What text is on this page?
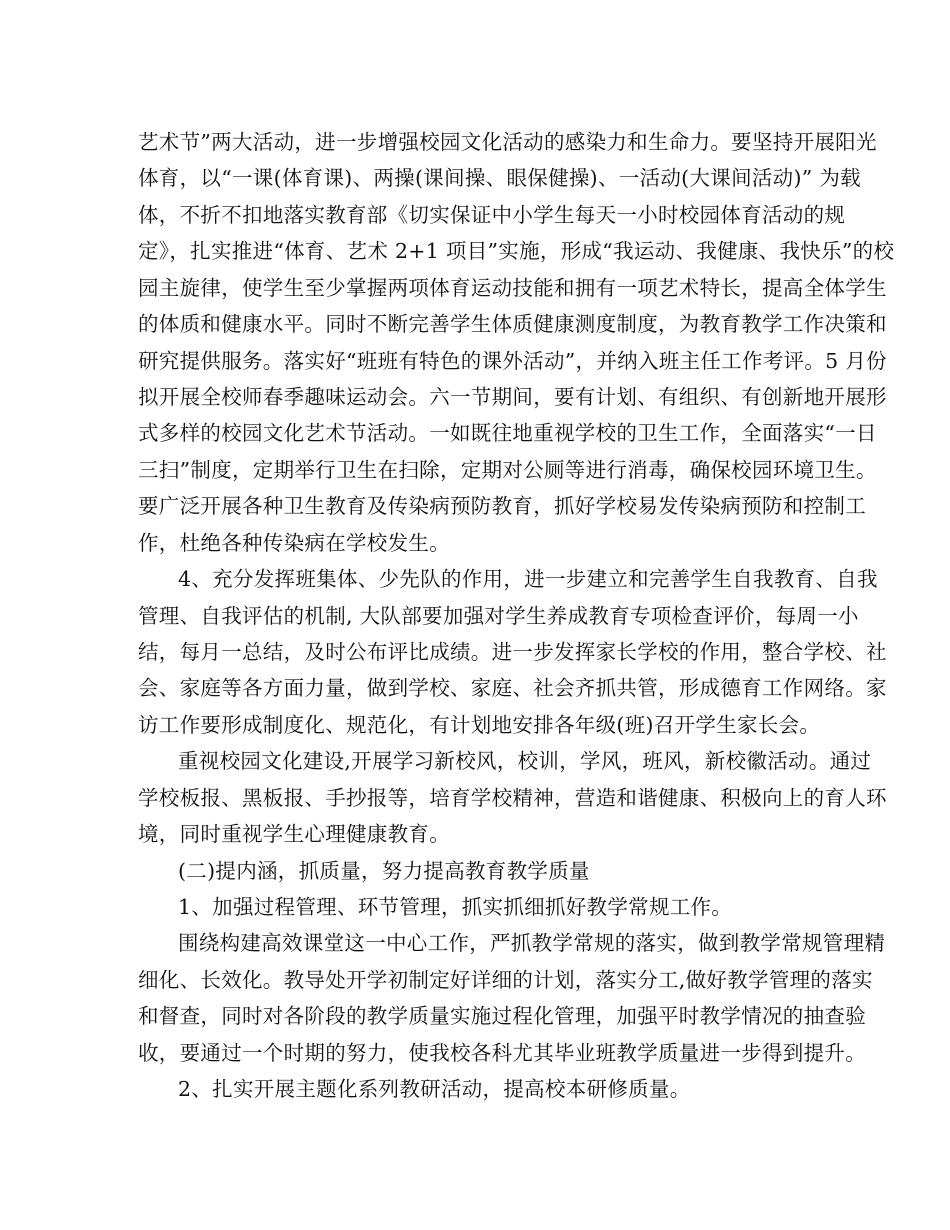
艺术节”两大活动，进一步增强校园文化活动的感染力和生命力。要坚持开展阳光
体育，以“一课(体育课)、两操(课间操、眼保健操)、一活动(大课间活动)” 为载
体，不折不扣地落实教育部《切实保证中小学生每天一小时校园体育活动的规
定》，扎实推进“体育、艺术 2+1 项目”实施，形成“我运动、我健康、我快乐”的校
园主旋律，使学生至少掌握两项体育运动技能和拥有一项艺术特长，提高全体学生
的体质和健康水平。同时不断完善学生体质健康测度制度，为教育教学工作决策和
研究提供服务。落实好“班班有特色的课外活动”，并纳入班主任工作考评。5 月份
拟开展全校师春季趣味运动会。六一节期间，要有计划、有组织、有创新地开展形
式多样的校园文化艺术节活动。一如既往地重视学校的卫生工作，全面落实“一日
三扫”制度，定期举行卫生在扫除，定期对公厕等进行消毒，确保校园环境卫生。
要广泛开展各种卫生教育及传染病预防教育，抓好学校易发传染病预防和控制工
作，杜绝各种传染病在学校发生。
4、充分发挥班集体、少先队的作用，进一步建立和完善学生自我教育、自我
管理、自我评估的机制, 大队部要加强对学生养成教育专项检查评价，每周一小
结，每月一总结，及时公布评比成绩。进一步发挥家长学校的作用，整合学校、社
会、家庭等各方面力量，做到学校、家庭、社会齐抓共管，形成德育工作网络。家
访工作要形成制度化、规范化，有计划地安排各年级(班)召开学生家长会。
重视校园文化建设,开展学习新校风，校训，学风，班风，新校徽活动。通过
学校板报、黑板报、手抄报等，培育学校精神，营造和谐健康、积极向上的育人环
境，同时重视学生心理健康教育。
(二)提内涵，抓质量，努力提高教育教学质量
1、加强过程管理、环节管理，抓实抓细抓好教学常规工作。
围绕构建高效课堂这一中心工作，严抓教学常规的落实，做到教学常规管理精
细化、长效化。教导处开学初制定好详细的计划，落实分工,做好教学管理的落实
和督查，同时对各阶段的教学质量实施过程化管理，加强平时教学情况的抽查验
收，要通过一个时期的努力，使我校各科尤其毕业班教学质量进一步得到提升。
2、扎实开展主题化系列教研活动，提高校本研修质量。
